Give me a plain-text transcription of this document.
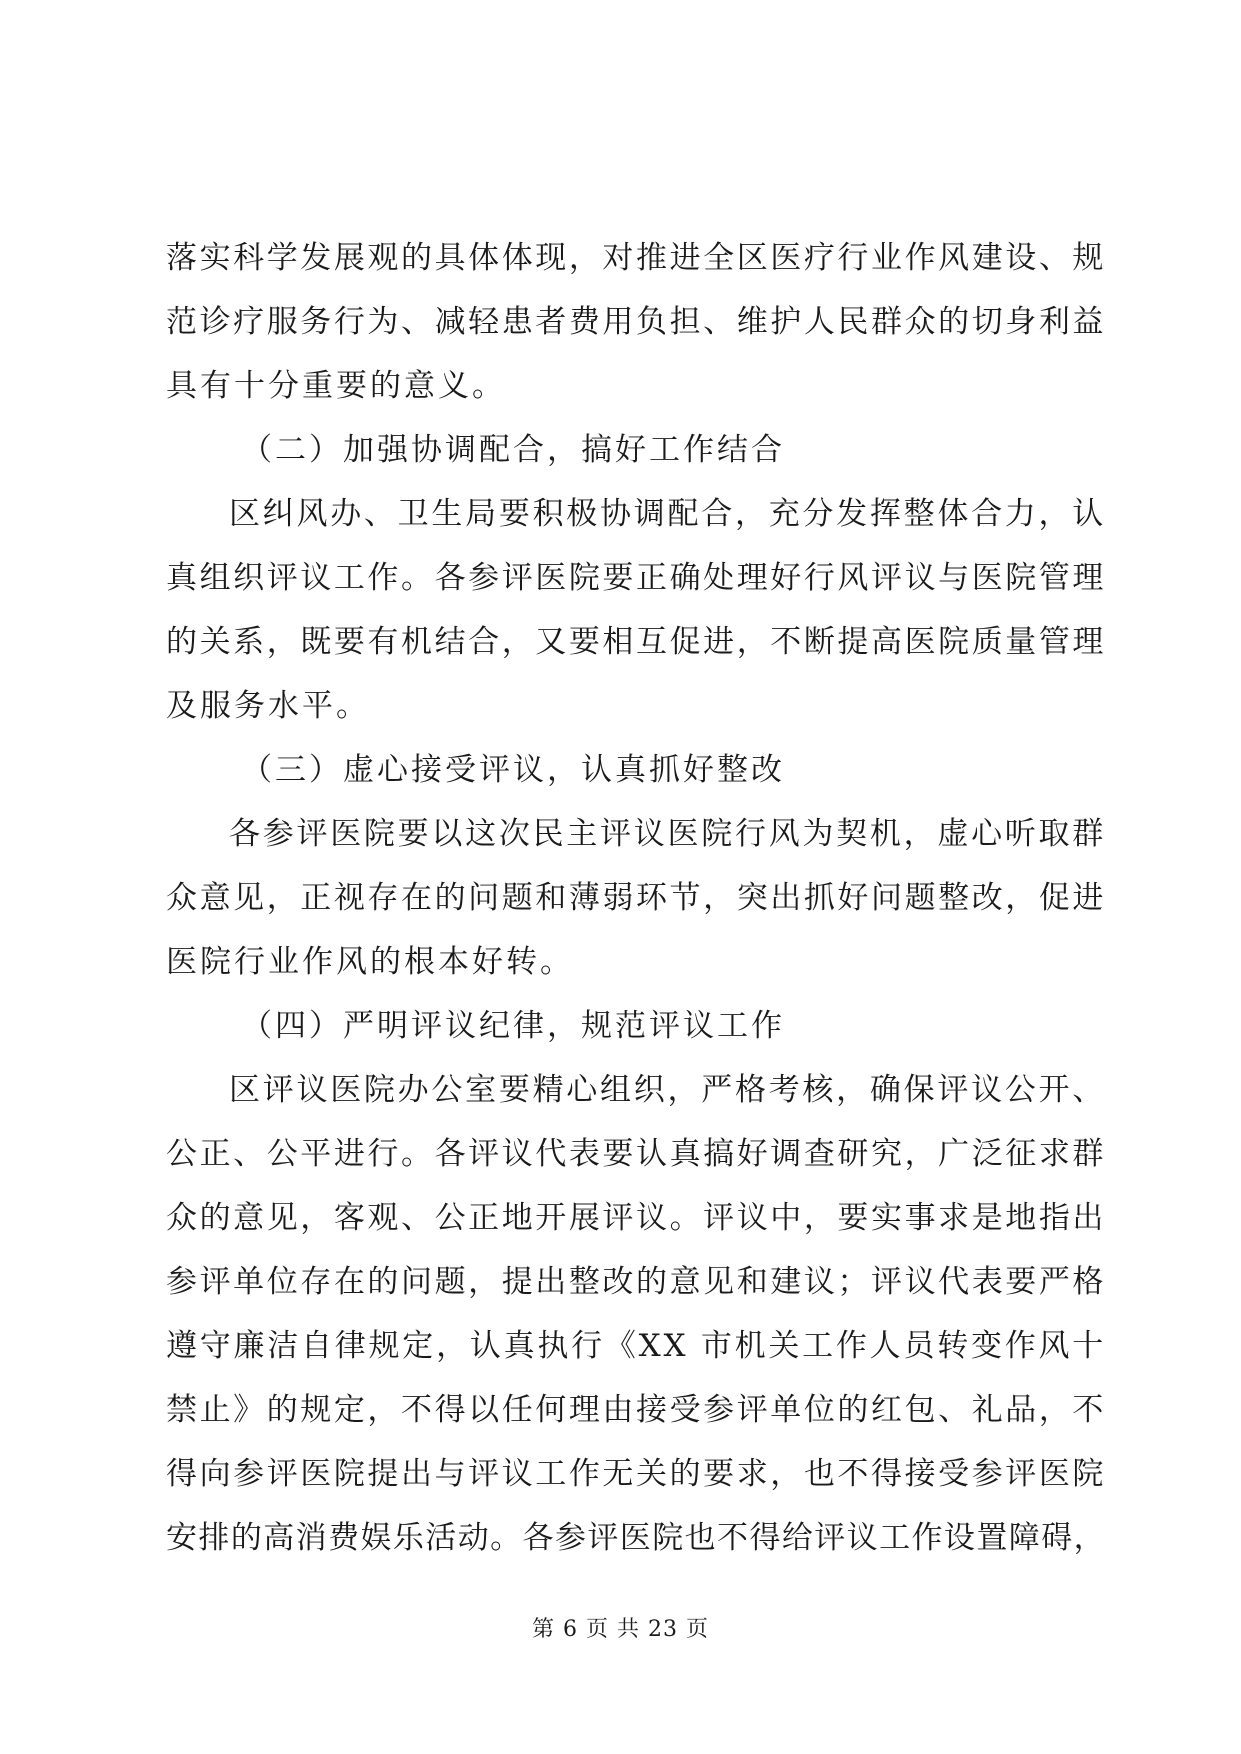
落实科学发展观的具体体现，对推进全区医疗行业作风建设、规
范诊疗服务行为、减轻患者费用负担、维护人民群众的切身利益
具有十分重要的意义。
（二）加强协调配合，搞好工作结合
区纠风办、卫生局要积极协调配合，充分发挥整体合力，认
真组织评议工作。各参评医院要正确处理好行风评议与医院管理
的关系，既要有机结合，又要相互促进，不断提高医院质量管理
及服务水平。
（三）虚心接受评议，认真抓好整改
各参评医院要以这次民主评议医院行风为契机，虚心听取群
众意见，正视存在的问题和薄弱环节，突出抓好问题整改，促进
医院行业作风的根本好转。
（四）严明评议纪律，规范评议工作
区评议医院办公室要精心组织，严格考核，确保评议公开、
公正、公平进行。各评议代表要认真搞好调查研究，广泛征求群
众的意见，客观、公正地开展评议。评议中，要实事求是地指出
参评单位存在的问题，提出整改的意见和建议；评议代表要严格
遵守廉洁自律规定，认真执行《XX 市机关工作人员转变作风十
禁止》的规定，不得以任何理由接受参评单位的红包、礼品，不
得向参评医院提出与评议工作无关的要求，也不得接受参评医院
安排的高消费娱乐活动。各参评医院也不得给评议工作设置障碍，
第 6 页 共 23 页
